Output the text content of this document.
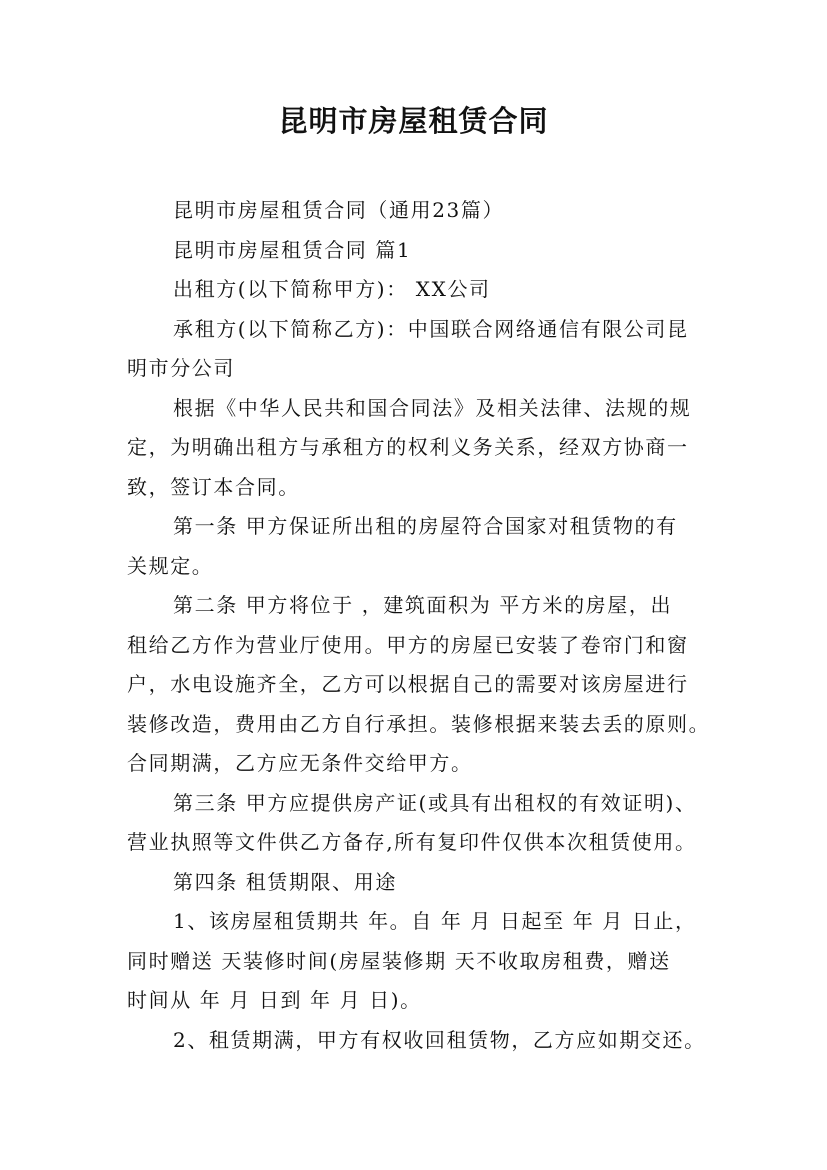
昆明市房屋租赁合同
昆明市房屋租赁合同（通用23篇）
昆明市房屋租赁合同 篇1
出租方(以下简称甲方)： XX公司
承租方(以下简称乙方)：中国联合网络通信有限公司昆
明市分公司
根据《中华人民共和国合同法》及相关法律、法规的规
定，为明确出租方与承租方的权利义务关系，经双方协商一
致，签订本合同。
第一条 甲方保证所出租的房屋符合国家对租赁物的有
关规定。
第二条 甲方将位于 ，建筑面积为 平方米的房屋，出
租给乙方作为营业厅使用。甲方的房屋已安装了卷帘门和窗
户，水电设施齐全，乙方可以根据自己的需要对该房屋进行
装修改造，费用由乙方自行承担。装修根据来装去丢的原则。
合同期满，乙方应无条件交给甲方。
第三条 甲方应提供房产证(或具有出租权的有效证明)、
营业执照等文件供乙方备存,所有复印件仅供本次租赁使用。
第四条 租赁期限、用途
1、该房屋租赁期共 年。自 年 月 日起至 年 月 日止，
同时赠送 天装修时间(房屋装修期 天不收取房租费，赠送
时间从 年 月 日到 年 月 日)。
2、租赁期满，甲方有权收回租赁物，乙方应如期交还。
